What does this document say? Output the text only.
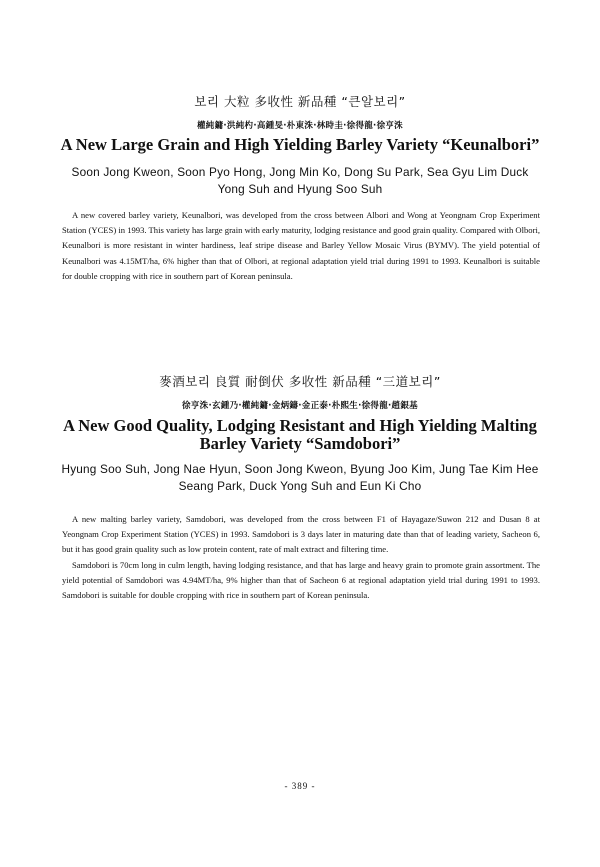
보리 大粒 多收性 新品種 “큰알보리”
權純鏞·洪純杓·高鍾旻·朴東洙·林時圭·徐得龍·徐亨洙
A New Large Grain and High Yielding Barley Variety “Keunalbori”
Soon Jong Kweon, Soon Pyo Hong, Jong Min Ko, Dong Su Park, Sea Gyu Lim Duck Yong Suh and Hyung Soo Suh

A new covered barley variety, Keunalbori, was developed from the cross between Albori and Wong at Yeongnam Crop Experiment Station (YCES) in 1993. This variety has large grain with early maturity, lodging resistance and good grain quality. Compared with Olbori, Keunalbori is more resistant in winter hardiness, leaf stripe disease and Barley Yellow Mosaic Virus (BYMV). The yield potential of Keunalbori was 4.15MT/ha, 6% higher than that of Olbori, at regional adaptation yield trial during 1991 to 1993. Keunalbori is suitable for double cropping with rice in southern part of Korean peninsula.

麥酒보리 良質 耐倒伏 多收性 新品種 “三道보리”
徐亨洙·玄鍾乃·權純鏞·金炳鑄·金正泰·朴熙生·徐得龍·趙銀基
A New Good Quality, Lodging Resistant and High Yielding Malting Barley Variety “Samdobori”
Hyung Soo Suh, Jong Nae Hyun, Soon Jong Kweon, Byung Joo Kim, Jung Tae Kim Hee Seang Park, Duck Yong Suh and Eun Ki Cho

A new malting barley variety, Samdobori, was developed from the cross between F1 of Hayagaze/Suwon 212 and Dusan 8 at Yeongnam Crop Experiment Station (YCES) in 1993. Samdobori is 3 days later in maturing date than that of leading variety, Sacheon 6, but it has good grain quality such as low protein content, rate of malt extract and filtering time.

Samdobori is 70cm long in culm length, having lodging resistance, and that has large and heavy grain to promote grain assortment. The yield potential of Samdobori was 4.94MT/ha, 9% higher than that of Sacheon 6 at regional adaptation yield trial during 1991 to 1993. Samdobori is suitable for double cropping with rice in southern part of Korean peninsula.

- 389 -
